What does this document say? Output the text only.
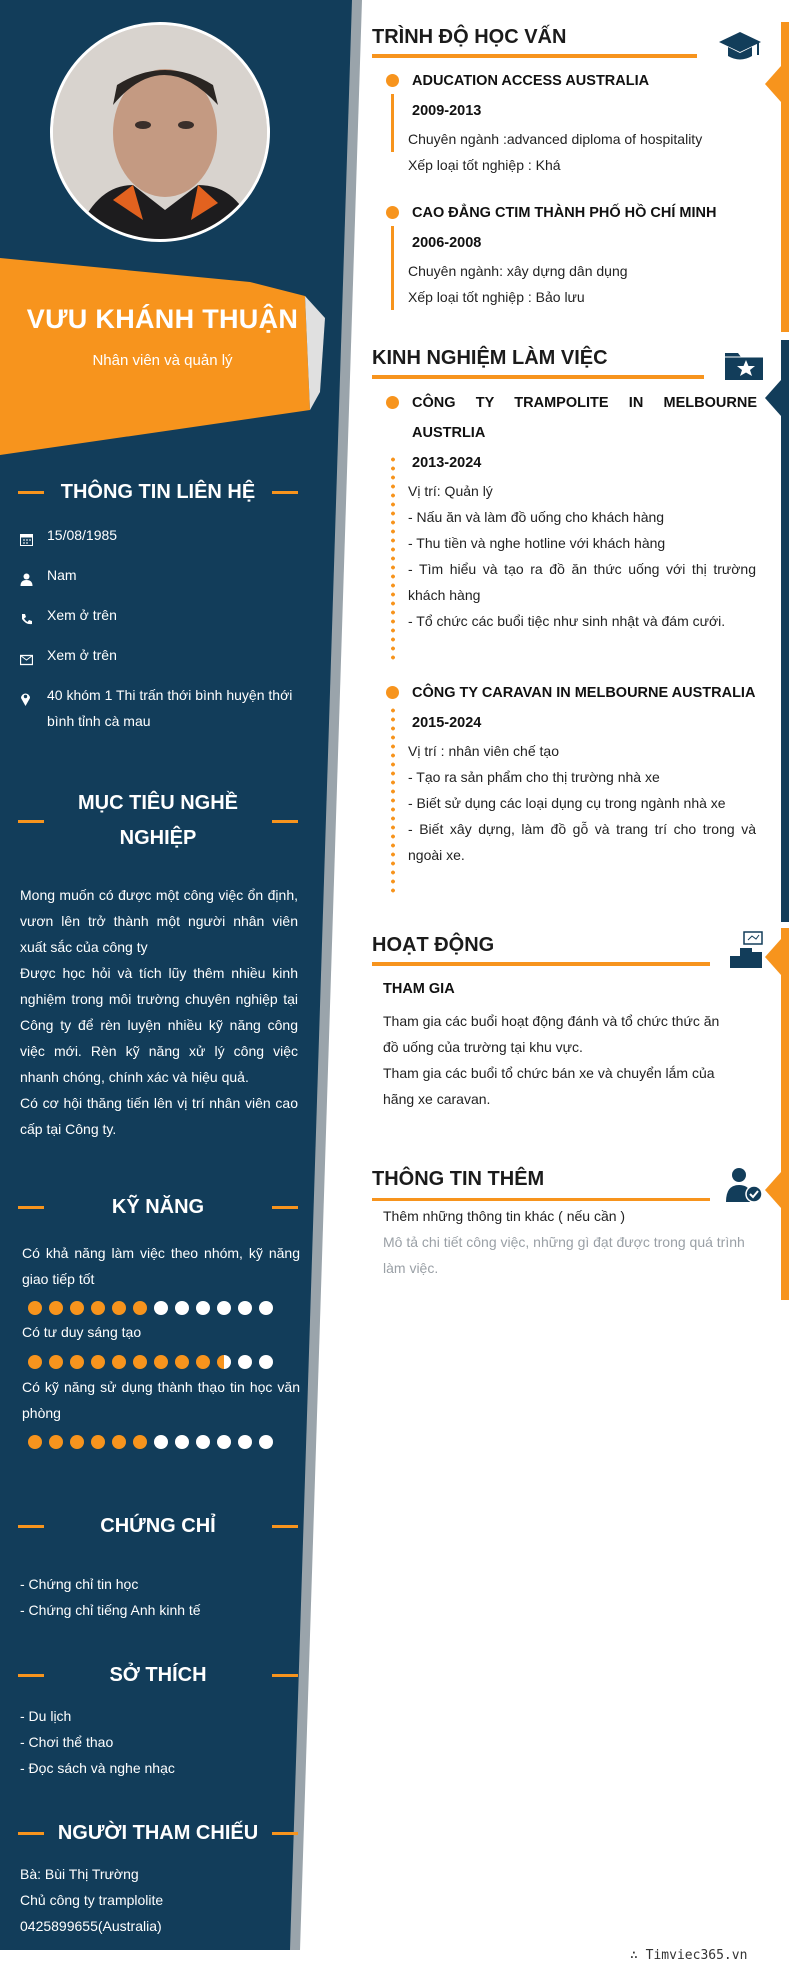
VƯU KHÁNH THUẬN
Nhân viên và quản lý
THÔNG TIN LIÊN HỆ
15/08/1985
Nam
Xem ở trên
Xem ở trên
40 khóm 1 Thi trấn thới bình huyện thới bình tỉnh cà mau
MỤC TIÊU NGHỀ NGHIỆP
Mong muốn có được một công việc ổn định, vươn lên trở thành một người nhân viên xuất sắc của công ty
Được học hỏi và tích lũy thêm nhiều kinh nghiệm trong môi trường chuyên nghiệp tại Công ty để rèn luyện nhiều kỹ năng công việc mới. Rèn kỹ năng xử lý công việc nhanh chóng, chính xác và hiệu quả.
Có cơ hội thăng tiến lên vị trí nhân viên cao cấp tại Công ty.
KỸ NĂNG
Có khả năng làm việc theo nhóm, kỹ năng giao tiếp tốt
Có tư duy sáng tạo
Có kỹ năng sử dụng thành thạo tin học văn phòng
CHỨNG CHỈ
- Chứng chỉ tin học
- Chứng chỉ tiếng Anh kinh tế
SỞ THÍCH
- Du lịch
- Chơi thể thao
- Đọc sách và nghe nhạc
NGƯỜI THAM CHIẾU
Bà: Bùi Thị Trường
Chủ công ty tramplolite
0425899655(Australia)
TRÌNH ĐỘ HỌC VẤN
ADUCATION ACCESS AUSTRALIA
2009-2013
Chuyên ngành :advanced diploma of hospitality
Xếp loại tốt nghiệp : Khá
CAO ĐẲNG CTIM THÀNH PHỐ HỒ CHÍ MINH
2006-2008
Chuyên ngành: xây dựng dân dụng
Xếp loại tốt nghiệp : Bảo lưu
KINH NGHIỆM LÀM VIỆC
CÔNG TY TRAMPOLITE IN MELBOURNE AUSTRLIA
2013-2024
Vị trí: Quản lý
- Nấu ăn và làm đồ uống cho khách hàng
- Thu tiền và nghe hotline với khách hàng
- Tìm hiểu và tạo ra đồ ăn thức uống với thị trường khách hàng
- Tổ chức các buổi tiệc như sinh nhật và đám cưới.
CÔNG TY CARAVAN IN MELBOURNE AUSTRALIA
2015-2024
Vị trí : nhân viên chế tạo
- Tạo ra sản phẩm cho thị trường nhà xe
- Biết sử dụng các loại dụng cụ trong ngành nhà xe
- Biết xây dựng, làm đồ gỗ và trang trí cho trong và ngoài xe.
HOẠT ĐỘNG
THAM GIA
Tham gia các buổi hoạt động đánh và tổ chức thức ăn đồ uống của trường tại khu vực.
Tham gia các buổi tổ chức bán xe và chuyển lắm của hãng xe caravan.
THÔNG TIN THÊM
Thêm những thông tin khác ( nếu cần )
Mô tả chi tiết công việc, những gì đạt được trong quá trình làm việc.
∴ Timviec365.vn
